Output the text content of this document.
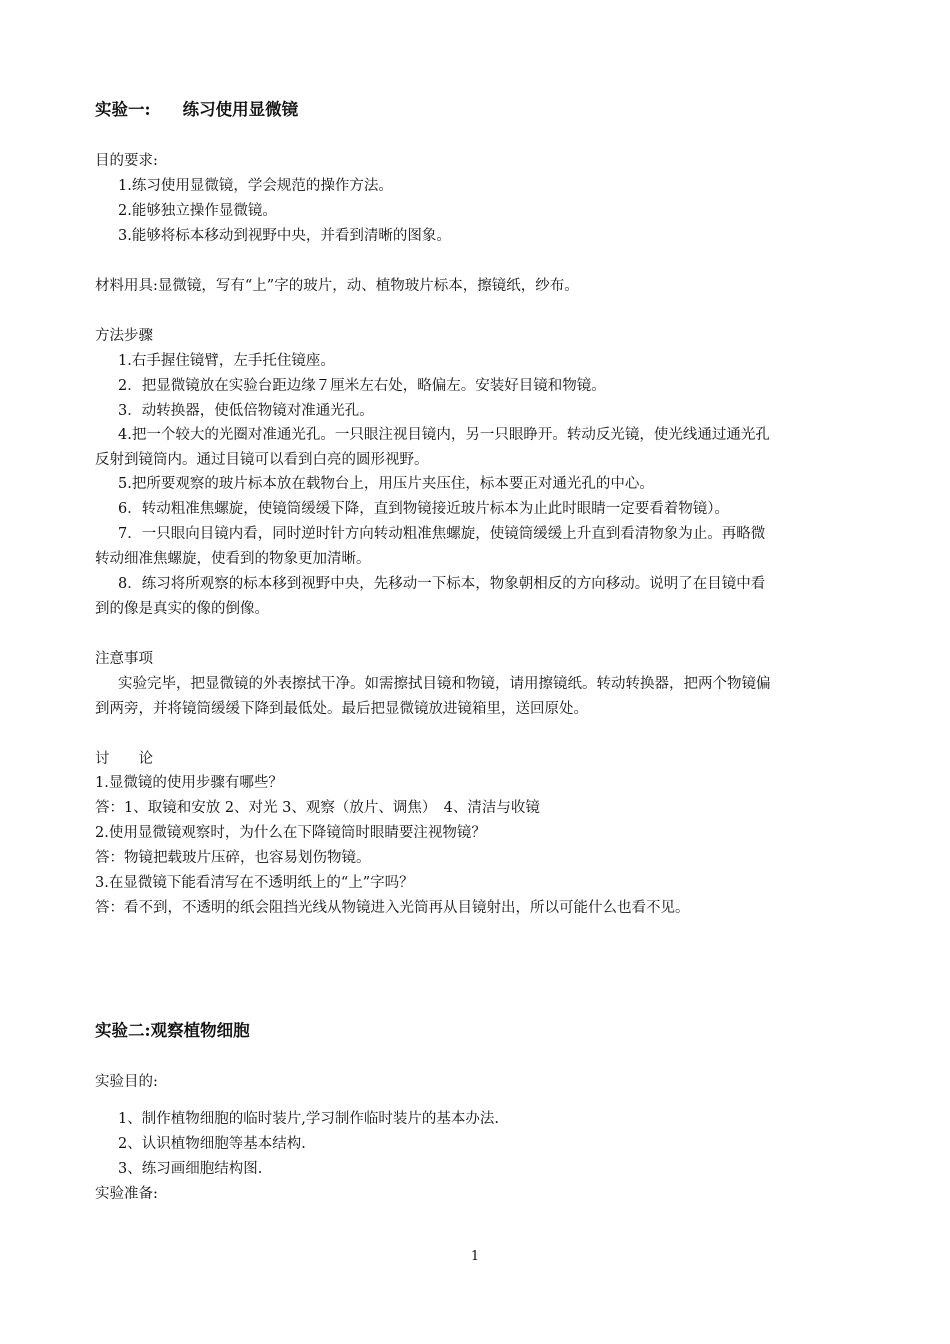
实验一: 练习使用显微镜
目的要求:
1.练习使用显微镜，学会规范的操作方法。
2.能够独立操作显微镜。
3.能够将标本移动到视野中央，并看到清晰的图象。
材料用具:显微镜，写有“上”字的玻片，动、植物玻片标本，擦镜纸，纱布。
方法步骤
1.右手握住镜臂，左手托住镜座。
2．把显微镜放在实验台距边缘７厘米左右处，略偏左。安装好目镜和物镜。
3．动转换器，使低倍物镜对准通光孔。
4.把一个较大的光圈对准通光孔。一只眼注视目镜内，另一只眼睁开。转动反光镜，使光线通过通光孔
反射到镜筒内。通过目镜可以看到白亮的圆形视野。
5.把所要观察的玻片标本放在载物台上，用压片夹压住，标本要正对通光孔的中心。
6．转动粗准焦螺旋，使镜筒缓缓下降，直到物镜接近玻片标本为止此时眼睛一定要看着物镜）。
7．一只眼向目镜内看，同时逆时针方向转动粗准焦螺旋，使镜筒缓缓上升直到看清物象为止。再略微
转动细准焦螺旋，使看到的物象更加清晰。
8．练习将所观察的标本移到视野中央，先移动一下标本，物象朝相反的方向移动。说明了在目镜中看
到的像是真实的像的倒像。
注意事项
实验完毕，把显微镜的外表擦拭干净。如需擦拭目镜和物镜，请用擦镜纸。转动转换器，把两个物镜偏
到两旁，并将镜筒缓缓下降到最低处。最后把显微镜放进镜箱里，送回原处。
讨　　论
1.显微镜的使用步骤有哪些？
答：1、取镜和安放 2、对光 3、观察（放片、调焦）　4、清洁与收镜
2.使用显微镜观察时，为什么在下降镜筒时眼睛要注视物镜？
答：物镜把载玻片压碎，也容易划伤物镜。
3.在显微镜下能看清写在不透明纸上的“上”字吗？
答：看不到，不透明的纸会阻挡光线从物镜进入光筒再从目镜射出，所以可能什么也看不见。
实验二:观察植物细胞
实验目的:
1、制作植物细胞的临时装片,学习制作临时装片的基本办法.
2、认识植物细胞等基本结构.
3、练习画细胞结构图.
实验准备:
1
